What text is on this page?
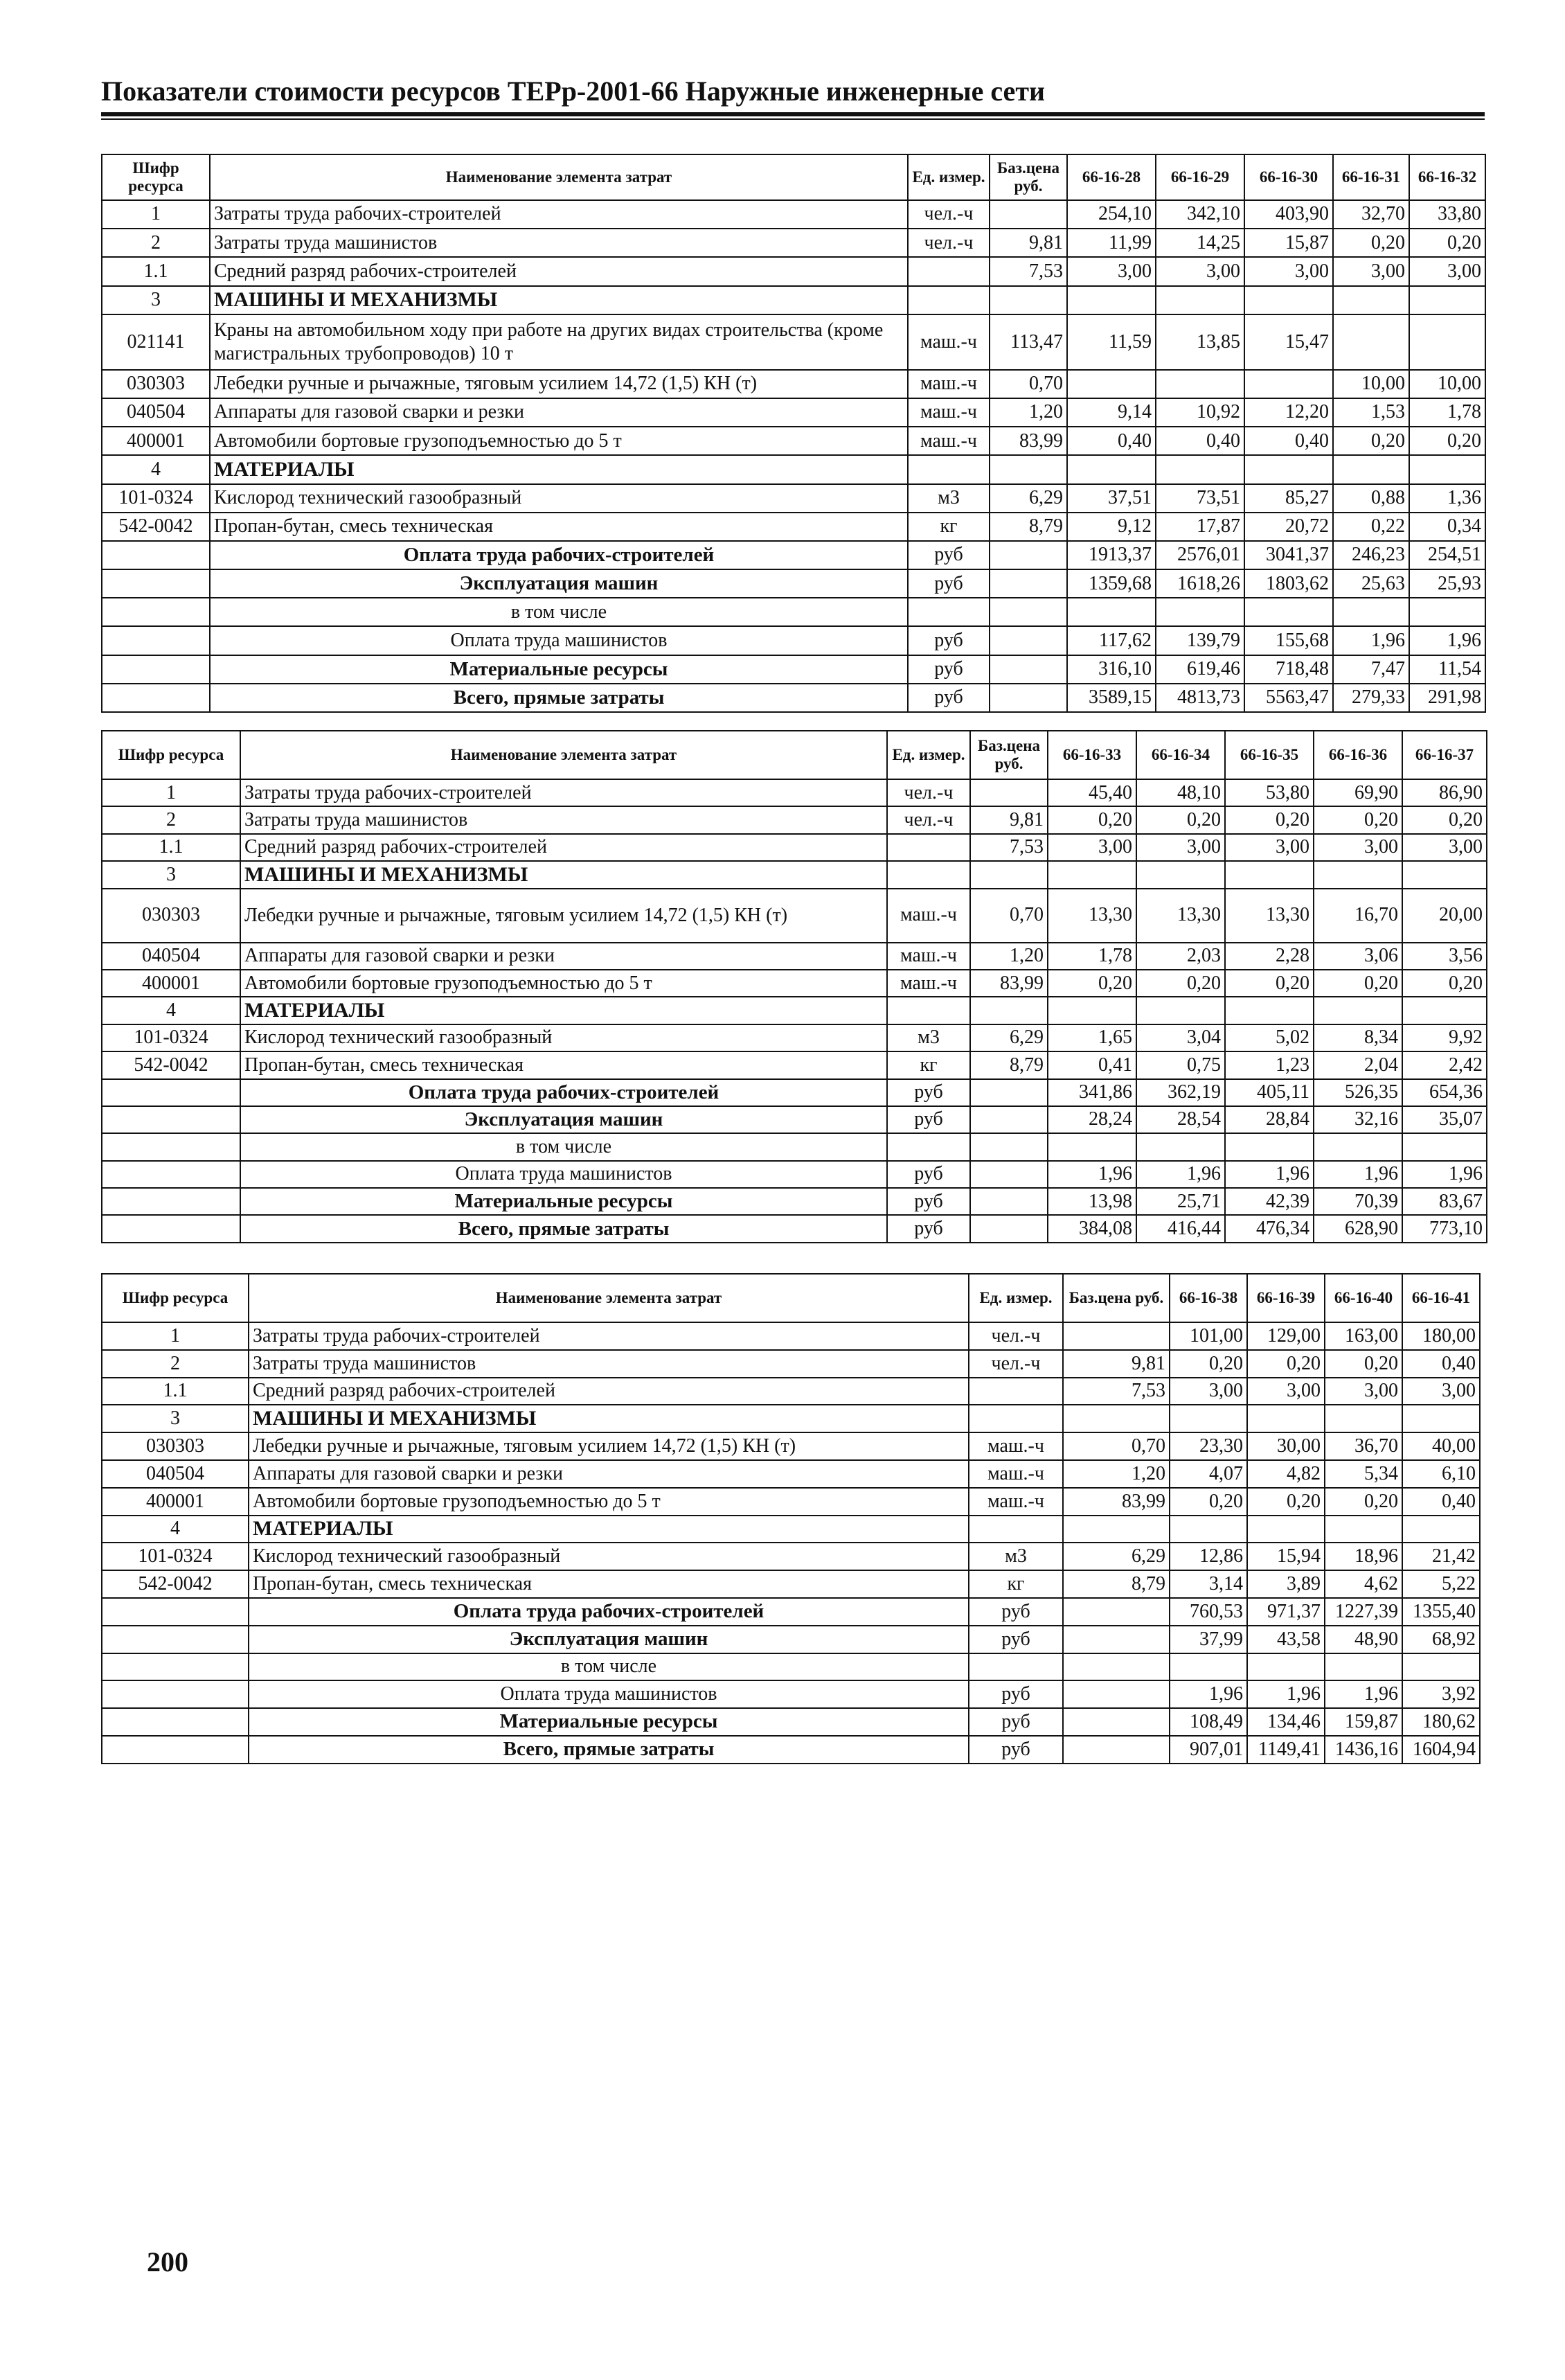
Показатели стоимости ресурсов ТЕРр-2001-66 Наружные инженерные сети
Шифр ресурса	Наименование элемента затрат	Ед. измер.	Баз.цена руб.	66-16-28	66-16-29	66-16-30	66-16-31	66-16-32
1	Затраты труда рабочих-строителей	чел.-ч		254,10	342,10	403,90	32,70	33,80
2	Затраты труда машинистов	чел.-ч	9,81	11,99	14,25	15,87	0,20	0,20
1.1	Средний разряд рабочих-строителей		7,53	3,00	3,00	3,00	3,00	3,00
3	МАШИНЫ И МЕХАНИЗМЫ							
021141	Краны на автомобильном ходу при работе на других видах строительства (кроме магистральных трубопроводов) 10 т	маш.-ч	113,47	11,59	13,85	15,47		
030303	Лебедки ручные и рычажные, тяговым усилием 14,72 (1,5) КН (т)	маш.-ч	0,70				10,00	10,00
040504	Аппараты для газовой сварки и резки	маш.-ч	1,20	9,14	10,92	12,20	1,53	1,78
400001	Автомобили бортовые грузоподъемностью до 5 т	маш.-ч	83,99	0,40	0,40	0,40	0,20	0,20
4	МАТЕРИАЛЫ							
101-0324	Кислород технический газообразный	м3	6,29	37,51	73,51	85,27	0,88	1,36
542-0042	Пропан-бутан, смесь техническая	кг	8,79	9,12	17,87	20,72	0,22	0,34
	Оплата труда рабочих-строителей	руб		1913,37	2576,01	3041,37	246,23	254,51
	Эксплуатация машин	руб		1359,68	1618,26	1803,62	25,63	25,93
	в том числе							
	Оплата труда машинистов	руб		117,62	139,79	155,68	1,96	1,96
	Материальные ресурсы	руб		316,10	619,46	718,48	7,47	11,54
	Всего, прямые затраты	руб		3589,15	4813,73	5563,47	279,33	291,98
Шифр ресурса	Наименование элемента затрат	Ед. измер.	Баз.цена руб.	66-16-33	66-16-34	66-16-35	66-16-36	66-16-37
1	Затраты труда рабочих-строителей	чел.-ч		45,40	48,10	53,80	69,90	86,90
2	Затраты труда машинистов	чел.-ч	9,81	0,20	0,20	0,20	0,20	0,20
1.1	Средний разряд рабочих-строителей		7,53	3,00	3,00	3,00	3,00	3,00
3	МАШИНЫ И МЕХАНИЗМЫ							
030303	Лебедки ручные и рычажные, тяговым усилием 14,72 (1,5) КН (т)	маш.-ч	0,70	13,30	13,30	13,30	16,70	20,00
040504	Аппараты для газовой сварки и резки	маш.-ч	1,20	1,78	2,03	2,28	3,06	3,56
400001	Автомобили бортовые грузоподъемностью до 5 т	маш.-ч	83,99	0,20	0,20	0,20	0,20	0,20
4	МАТЕРИАЛЫ							
101-0324	Кислород технический газообразный	м3	6,29	1,65	3,04	5,02	8,34	9,92
542-0042	Пропан-бутан, смесь техническая	кг	8,79	0,41	0,75	1,23	2,04	2,42
	Оплата труда рабочих-строителей	руб		341,86	362,19	405,11	526,35	654,36
	Эксплуатация машин	руб		28,24	28,54	28,84	32,16	35,07
	в том числе							
	Оплата труда машинистов	руб		1,96	1,96	1,96	1,96	1,96
	Материальные ресурсы	руб		13,98	25,71	42,39	70,39	83,67
	Всего, прямые затраты	руб		384,08	416,44	476,34	628,90	773,10
Шифр ресурса	Наименование элемента затрат	Ед. измер.	Баз.цена руб.	66-16-38	66-16-39	66-16-40	66-16-41
1	Затраты труда рабочих-строителей	чел.-ч		101,00	129,00	163,00	180,00
2	Затраты труда машинистов	чел.-ч	9,81	0,20	0,20	0,20	0,40
1.1	Средний разряд рабочих-строителей		7,53	3,00	3,00	3,00	3,00
3	МАШИНЫ И МЕХАНИЗМЫ						
030303	Лебедки ручные и рычажные, тяговым усилием 14,72 (1,5) КН (т)	маш.-ч	0,70	23,30	30,00	36,70	40,00
040504	Аппараты для газовой сварки и резки	маш.-ч	1,20	4,07	4,82	5,34	6,10
400001	Автомобили бортовые грузоподъемностью до 5 т	маш.-ч	83,99	0,20	0,20	0,20	0,40
4	МАТЕРИАЛЫ						
101-0324	Кислород технический газообразный	м3	6,29	12,86	15,94	18,96	21,42
542-0042	Пропан-бутан, смесь техническая	кг	8,79	3,14	3,89	4,62	5,22
	Оплата труда рабочих-строителей	руб		760,53	971,37	1227,39	1355,40
	Эксплуатация машин	руб		37,99	43,58	48,90	68,92
	в том числе						
	Оплата труда машинистов	руб		1,96	1,96	1,96	3,92
	Материальные ресурсы	руб		108,49	134,46	159,87	180,62
	Всего, прямые затраты	руб		907,01	1149,41	1436,16	1604,94
200
